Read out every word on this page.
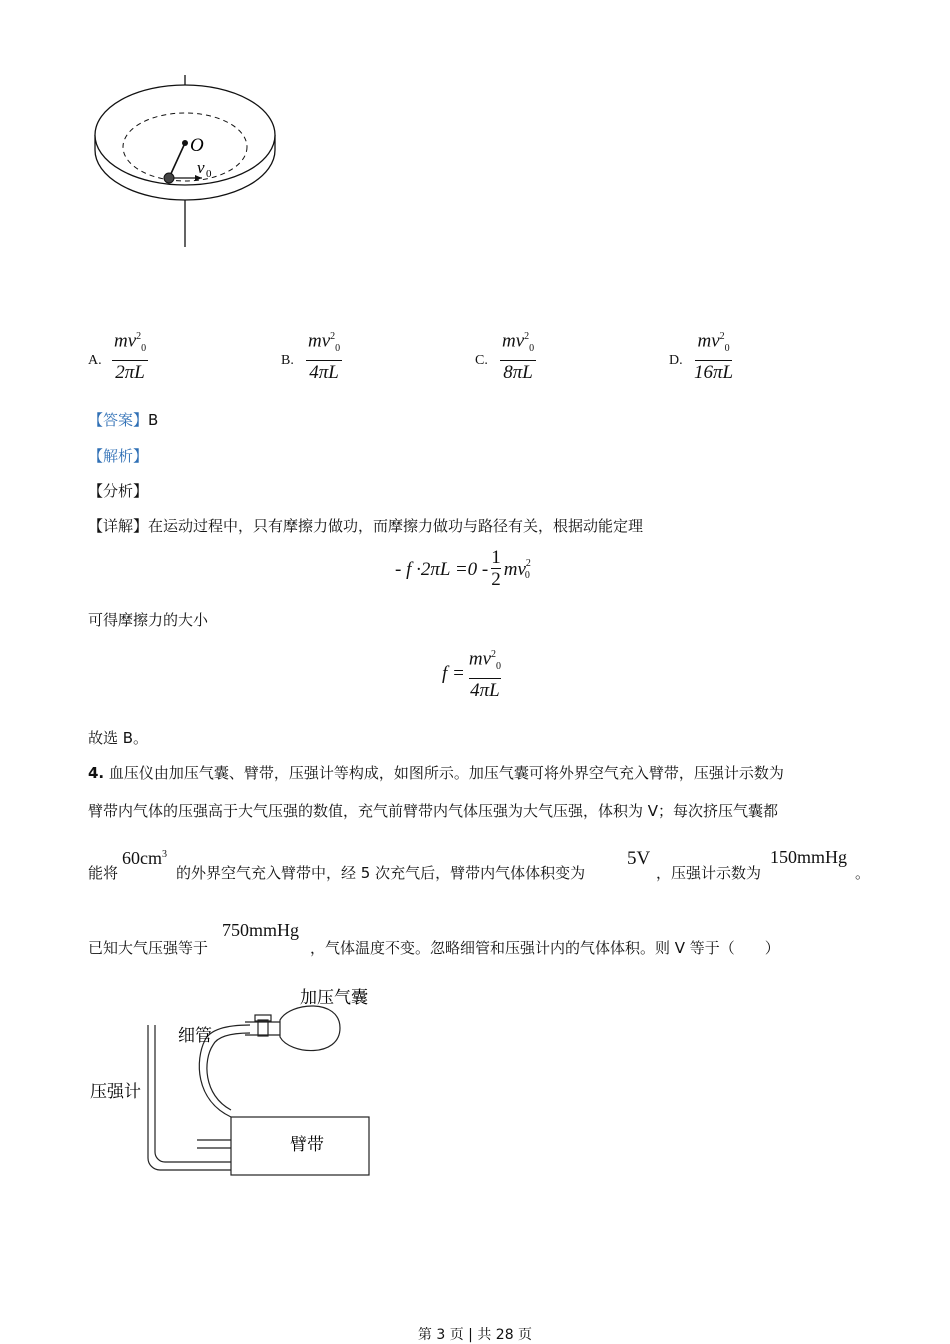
O
v 0
A. $\frac{mv^2_0}{2\pi L}$	B. $\frac{mv^2_0}{4\pi L}$	C. $\frac{mv^2_0}{8\pi L}$	D. $\frac{mv^2_0}{16\pi L}$
【答案】B
【解析】
【分析】
【详解】在运动过程中，只有摩擦力做功，而摩擦力做功与路径有关，根据动能定理
- f ·2πL =0 -
1
2 $mv^2$
$_0$
可得摩擦力的大小
$f = \frac{mv^2_0}{4\pi L}$
故选 B。
4. 血压仪由加压气囊、臂带，压强计等构成，如图所示。加压气囊可将外界空气充入臂带，压强计示数为
臂带内气体的压强高于大气压强的数值，充气前臂带内气体压强为大气压强，体积为 V；每次挤压气囊都
能将
$60cm^3$
的外界空气充入臂带中，经 5 次充气后，臂带内气体体积变为
5V
，压强计示数为
150mmHg
。
已知大气压强等于
750mmHg
，气体温度不变。忽略细管和压强计内的气体体积。则 V 等于（　　）
加压气囊
细管
压强计
臂带
第 3 页 | 共 28 页
